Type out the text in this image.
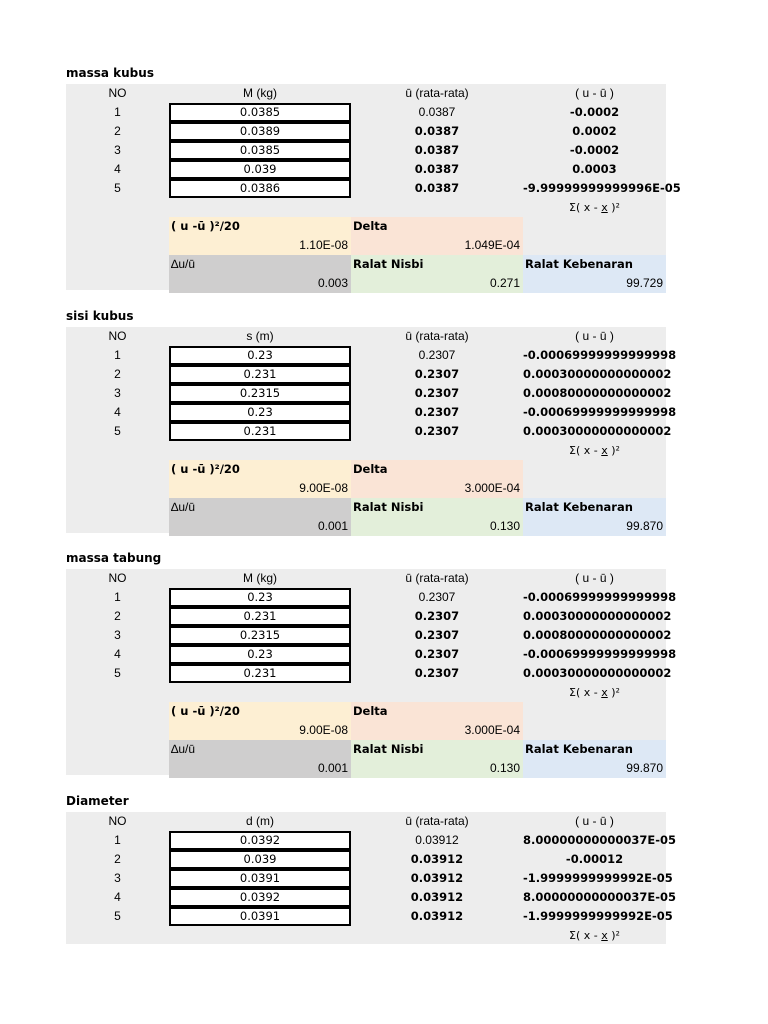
massa kubus
NO	M (kg)	ū (rata-rata)	( u - ū )
1	0.0385	0.0387	-0.0002
2	0.0389	0.0387	0.0002
3	0.0385	0.0387	-0.0002
4	0.039	0.0387	0.0003
5	0.0386	0.0387	-9.99999999999996E-05
Σ( x - x )²
( u -ū )²/20	Delta
1.10E-08	1.049E-04
∆u/ū	Ralat Nisbi	Ralat Kebenaran
0.003	0.271	99.729
sisi kubus
NO	s (m)	ū (rata-rata)	( u - ū )
1	0.23	0.2307	-0.00069999999999998
2	0.231	0.2307	0.00030000000000002
3	0.2315	0.2307	0.00080000000000002
4	0.23	0.2307	-0.00069999999999998
5	0.231	0.2307	0.00030000000000002
Σ( x - x )²
( u -ū )²/20	Delta
9.00E-08	3.000E-04
∆u/ū	Ralat Nisbi	Ralat Kebenaran
0.001	0.130	99.870
massa tabung
NO	M (kg)	ū (rata-rata)	( u - ū )
1	0.23	0.2307	-0.00069999999999998
2	0.231	0.2307	0.00030000000000002
3	0.2315	0.2307	0.00080000000000002
4	0.23	0.2307	-0.00069999999999998
5	0.231	0.2307	0.00030000000000002
Σ( x - x )²
( u -ū )²/20	Delta
9.00E-08	3.000E-04
∆u/ū	Ralat Nisbi	Ralat Kebenaran
0.001	0.130	99.870
Diameter
NO	d (m)	ū (rata-rata)	( u - ū )
1	0.0392	0.03912	8.00000000000037E-05
2	0.039	0.03912	-0.00012
3	0.0391	0.03912	-1.9999999999992E-05
4	0.0392	0.03912	8.00000000000037E-05
5	0.0391	0.03912	-1.9999999999992E-05
Σ( x - x )²
